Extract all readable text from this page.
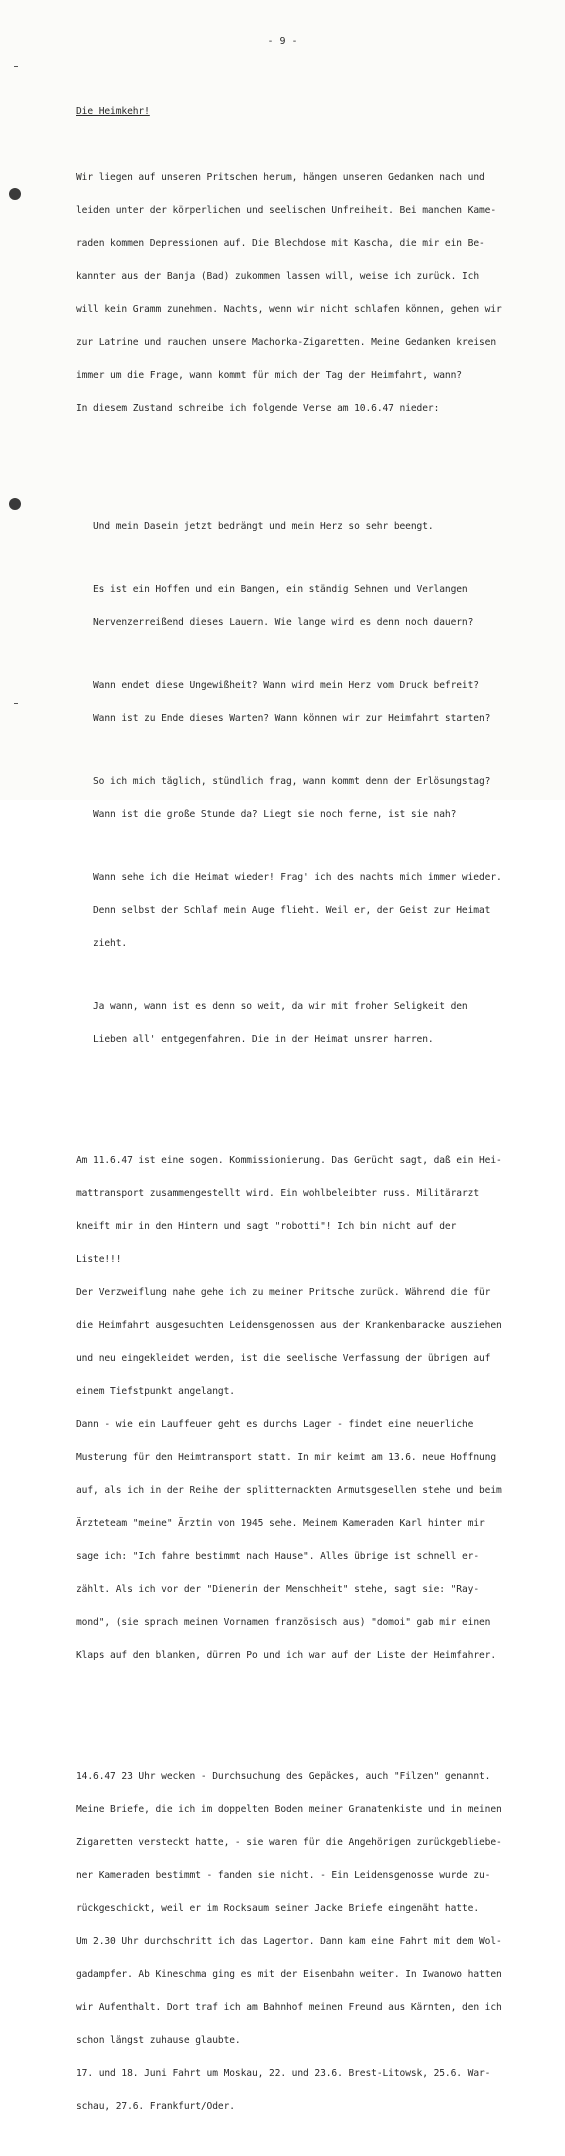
- 9 -

Die Heimkehr!

Wir liegen auf unseren Pritschen herum, hängen unseren Gedanken nach und

leiden unter der körperlichen und seelischen Unfreiheit. Bei manchen Kame-

raden kommen Depressionen auf. Die Blechdose mit Kascha, die mir ein Be-

kannter aus der Banja (Bad) zukommen lassen will, weise ich zurück. Ich

will kein Gramm zunehmen. Nachts, wenn wir nicht schlafen können, gehen wir

zur Latrine und rauchen unsere Machorka-Zigaretten. Meine Gedanken kreisen

immer um die Frage, wann kommt für mich der Tag der Heimfahrt, wann?

In diesem Zustand schreibe ich folgende Verse am 10.6.47 nieder:

Und mein Dasein jetzt bedrängt und mein Herz so sehr beengt.

Es ist ein Hoffen und ein Bangen, ein ständig Sehnen und Verlangen

Nervenzerreißend dieses Lauern. Wie lange wird es denn noch dauern?

Wann endet diese Ungewißheit? Wann wird mein Herz vom Druck befreit?

Wann ist zu Ende dieses Warten? Wann können wir zur Heimfahrt starten?

So ich mich täglich, stündlich frag, wann kommt denn der Erlösungstag?

Wann ist die große Stunde da? Liegt sie noch ferne, ist sie nah?

Wann sehe ich die Heimat wieder! Frag' ich des nachts mich immer wieder.

Denn selbst der Schlaf mein Auge flieht. Weil er, der Geist zur Heimat

zieht.

Ja wann, wann ist es denn so weit, da wir mit froher Seligkeit den

Lieben all' entgegenfahren. Die in der Heimat unsrer harren.

Am 11.6.47 ist eine sogen. Kommissionierung. Das Gerücht sagt, daß ein Hei-

mattransport zusammengestellt wird. Ein wohlbeleibter russ. Militärarzt

kneift mir in den Hintern und sagt "robotti"! Ich bin nicht auf der

Liste!!!

Der Verzweiflung nahe gehe ich zu meiner Pritsche zurück. Während die für

die Heimfahrt ausgesuchten Leidensgenossen aus der Krankenbaracke ausziehen

und neu eingekleidet werden, ist die seelische Verfassung der übrigen auf

einem Tiefstpunkt angelangt.

Dann - wie ein Lauffeuer geht es durchs Lager - findet eine neuerliche

Musterung für den Heimtransport statt. In mir keimt am 13.6. neue Hoffnung

auf, als ich in der Reihe der splitternackten Armutsgesellen stehe und beim

Ärzteteam "meine" Ärztin von 1945 sehe. Meinem Kameraden Karl hinter mir

sage ich: "Ich fahre bestimmt nach Hause". Alles übrige ist schnell er-

zählt. Als ich vor der "Dienerin der Menschheit" stehe, sagt sie: "Ray-

mond", (sie sprach meinen Vornamen französisch aus) "domoi" gab mir einen

Klaps auf den blanken, dürren Po und ich war auf der Liste der Heimfahrer.

14.6.47 23 Uhr wecken - Durchsuchung des Gepäckes, auch "Filzen" genannt.

Meine Briefe, die ich im doppelten Boden meiner Granatenkiste und in meinen

Zigaretten versteckt hatte, - sie waren für die Angehörigen zurückgebliebe-

ner Kameraden bestimmt - fanden sie nicht. - Ein Leidensgenosse wurde zu-

rückgeschickt, weil er im Rocksaum seiner Jacke Briefe eingenäht hatte.

Um 2.30 Uhr durchschritt ich das Lagertor. Dann kam eine Fahrt mit dem Wol-

gadampfer. Ab Kineschma ging es mit der Eisenbahn weiter. In Iwanowo hatten

wir Aufenthalt. Dort traf ich am Bahnhof meinen Freund aus Kärnten, den ich

schon längst zuhause glaubte.

17. und 18. Juni Fahrt um Moskau, 22. und 23.6. Brest-Litowsk, 25.6. War-

schau, 27.6. Frankfurt/Oder.
